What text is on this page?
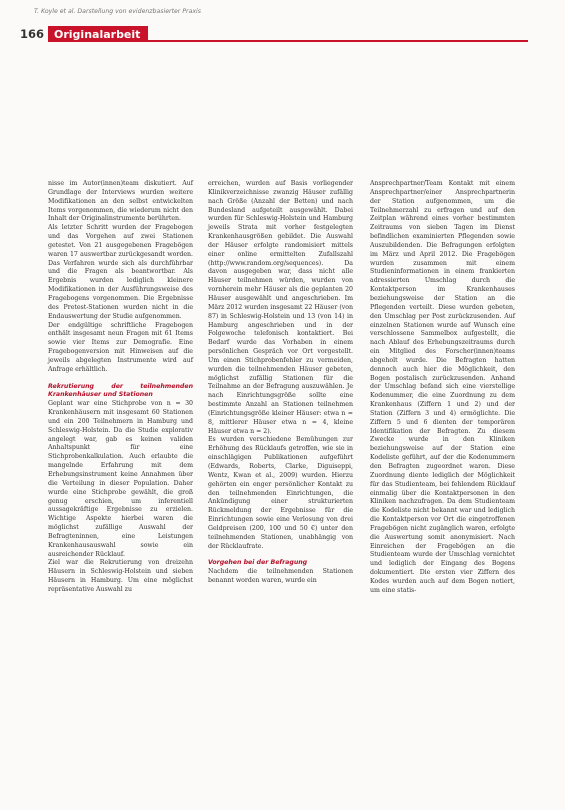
T. Koyle et al. Darstellung von evidenzbasierter Praxis
166 Originalarbeit

nisse im Autor(innen)team diskutiert. Auf Grundlage der Interviews wurden weitere Modifikationen an den selbst entwickelten Items vorgenommen, die wiederum nicht den Inhalt der Originalinstrumente berührten.

Als letzter Schritt wurden der Fragebogen und das Vorgehen auf zwei Stationen getestet. Von 21 ausgegebenen Fragebögen waren 17 auswertbar zurückgesandt worden. Das Verfahren wurde sich als durchführbar und die Fragen als beantwortbar. Als Ergebnis wurden lediglich kleinere Modifikationen in der Ausführungsweise des Fragebogens vorgenommen. Die Ergebnisse des Pretest-Stationen wurden nicht in die Endauswertung der Studie aufgenommen.

Der endgültige schriftliche Fragebogen enthält insgesamt neun Fragen mit 61 Items sowie vier Items zur Demografie. Eine Fragebogenversion mit Hinweisen auf die jeweils abgelegten Instrumente wird auf Anfrage erhältlich.

Rekrutierung der teilnehmenden Krankenhäuser und Stationen

Geplant war eine Stichprobe von n = 30 Krankenhäusern mit insgesamt 60 Stationen und ein 200 Teilnehmern in Hamburg und Schleswig-Holstein. Da die Studie explorativ angelegt war, gab es keinen validen Anhaltspunkt für eine Stichprobenkalkulation. Auch erlaubte die mangelnde Erfahrung mit dem Erhebungsinstrument keine Annahmen über die Verteilung in dieser Population. Daher wurde eine Stichprobe gewählt, die groß genug erschien, um inferentiell aussagekräftige Ergebnisse zu erzielen. Wichtige Aspekte hierbei waren die möglichst zufällige Auswahl der Befragteninnen, eine Leistungen Krankenhausauswahl sowie ein ausreichender Rücklauf.

Ziel war die Rekrutierung von dreizehn Häusern in Schleswig-Holstein und sieben Häusern in Hamburg. Um eine möglichst repräsentative Auswahl zu

erreichen, wurden auf Basis vorliegender Klinikverzeichnisse zwanzig Häuser zufällig nach Größe (Anzahl der Betten) und nach Bundesland aufgeteilt ausgewählt. Dabei wurden für Schleswig-Holstein und Hamburg jeweils Strata mit vorher festgelegten Krankenhausgrößen gebildet. Die Auswahl der Häuser erfolgte randomisiert mittels einer online ermittelten Zufallszahl (http://www.random.org/sequences). Da davon ausgegeben war, dass nicht alle Häuser teilnehmen würden, wurden von vornherein mehr Häuser als die geplanten 20 Häuser ausgewählt und angeschrieben. Im März 2012 wurden insgesamt 22 Häuser (von 87) in Schleswig-Holstein und 13 (von 14) in Hamburg angeschrieben und in der Folgewoche telefonisch kontaktiert. Bei Bedarf wurde das Vorhaben in einem persönlichen Gespräch vor Ort vorgestellt. Um einen Stichprobenfehler zu vermeiden, wurden die teilnehmenden Häuser gebeten, möglichst zufällig Stationen für die Teilnahme an der Befragung auszuwählen. Je nach Einrichtungsgröße sollte eine bestimmte Anzahl an Stationen teilnehmen (Einrichtungsgröße kleiner Häuser: etwa n = 8, mittlerer Häuser etwa n = 4, kleine Häuser etwa n = 2).

Es wurden verschiedene Bemühungen zur Erhöhung des Rücklaufs getroffen, wie sie in einschlägigen Publikationen aufgeführt (Edwards, Roberts, Clarke, Diguiseppi, Wentz, Kwan et al., 2009) wurden. Hierzu gehörten ein enger persönlicher Kontakt zu den teilnehmenden Einrichtungen, die Ankündigung einer strukturierten Rückmeldung der Ergebnisse für die Einrichtungen sowie eine Verlosung von drei Geldpreisen (200, 100 und 50 €) unter den teilnehmenden Stationen, unabhängig von der Rücklaufrate.

Vorgehen bei der Befragung

Nachdem die teilnehmenden Stationen benannt worden waren, wurde ein

Ansprechpartner/Team Kontakt mit einem Ansprechpartner/einer Ansprechpartnerin der Station aufgenommen, um die Teilnehmerzahl zu erfragen und auf den Zeitplan während eines vorher bestimmten Zeitraums von sieben Tagen im Dienst befindlichen examinierten Pflegenden sowie Auszubildenden. Die Befragungen erfolgten im März und April 2012. Die Fragebögen wurden zusammen mit einem Studieninformationen in einem frankierten adressierten Umschlag durch die Kontaktperson im Krankenhauses beziehungsweise der Station an die Pflegenden verteilt. Diese wurden gebeten, den Umschlag per Post zurückzusenden. Auf einzelnen Stationen wurde auf Wunsch eine verschlossene Sammelbox aufgestellt, die nach Ablauf des Erhebungszeitraums durch ein Mitglied des Forscher(innen)teams abgeholt wurde. Die Befragten hatten dennoch auch hier die Möglichkeit, den Bogen postalisch zurückzusenden. Anhand der Umschlag befand sich eine vierstellige Kodenummer, die eine Zuordnung zu dem Krankenhaus (Ziffern 1 und 2) und der Station (Ziffern 3 und 4) ermöglichte. Die Ziffern 5 und 6 dienten der temporären Identifikation der Befragten. Zu diesem Zwecke wurde in den Kliniken beziehungsweise auf der Station eine Kodeliste geführt, auf der die Kodenummern den Befragten zugeordnet waren. Diese Zuordnung diente lediglich der Möglichkeit für das Studienteam, bei fehlendem Rücklauf einmalig über die Kontaktpersonen in den Kliniken nachzufragen. Da dem Studienteam die Kodeliste nicht bekannt war und lediglich die Kontaktperson vor Ort die eingetroffenen Fragebögen nicht zugänglich waren, erfolgte die Auswertung somit anonymisiert. Nach Einreichen der Fragebögen an die Studienteam wurde der Umschlag vernichtet und lediglich der Eingang des Bogens dokumentiert. Die ersten vier Ziffern des Kodes wurden auch auf dem Bogen notiert, um eine statis-
